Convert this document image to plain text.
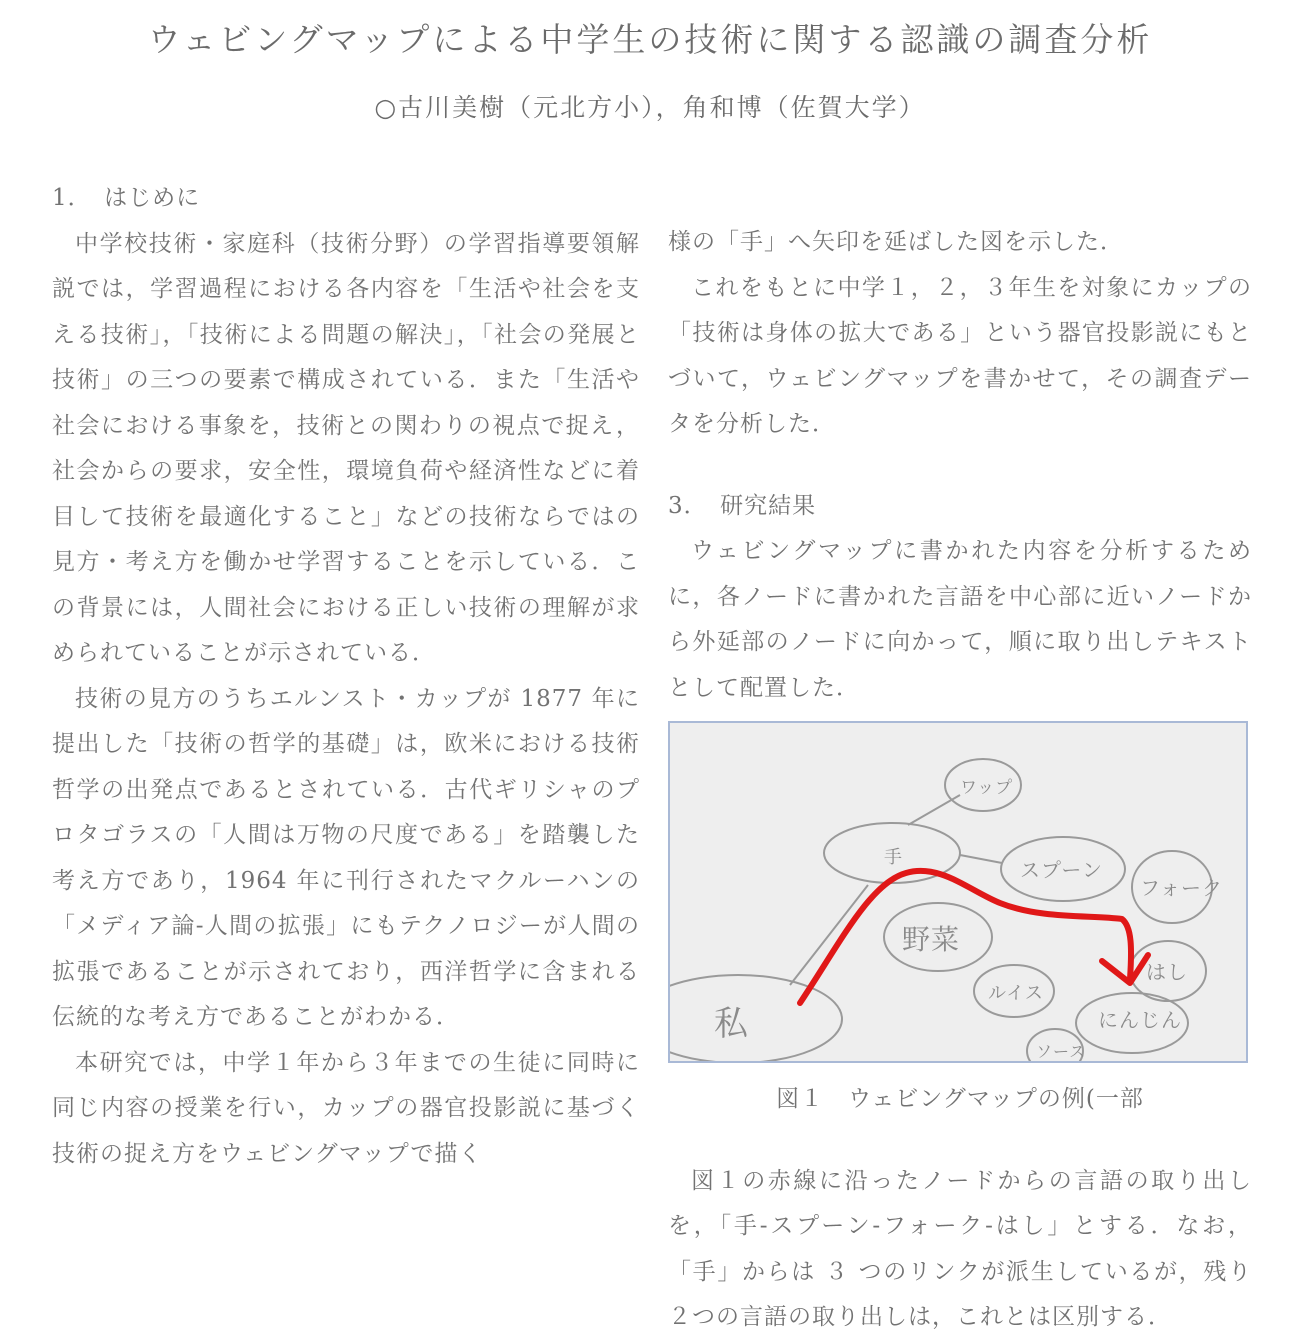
ウェビングマップによる中学生の技術に関する認識の調査分析
○古川美樹（元北方小），角和博（佐賀大学）

1．　はじめに

中学校技術・家庭科（技術分野）の学習指導要領解説では，学習過程における各内容を「生活や社会を支える技術」，「技術による問題の解決」，「社会の発展と技術」の三つの要素で構成されている．また「生活や社会における事象を，技術との関わりの視点で捉え，社会からの要求，安全性，環境負荷や経済性などに着目して技術を最適化すること」などの技術ならではの見方・考え方を働かせ学習することを示している．この背景には，人間社会における正しい技術の理解が求められていることが示されている．

技術の見方のうちエルンスト・カップが 1877 年に提出した「技術の哲学的基礎」は，欧米における技術哲学の出発点であるとされている．古代ギリシャのプロタゴラスの「人間は万物の尺度である」を踏襲した考え方であり，1964 年に刊行されたマクルーハンの「メディア論-人間の拡張」にもテクノロジーが人間の拡張であることが示されており，西洋哲学に含まれる伝統的な考え方であることがわかる．

本研究では，中学１年から３年までの生徒に同時に同じ内容の授業を行い，カップの器官投影説に基づく技術の捉え方をウェビングマップで描く

様の「手」へ矢印を延ばした図を示した．

これをもとに中学１，２，３年生を対象にカップの「技術は身体の拡大である」という器官投影説にもとづいて，ウェビングマップを書かせて，その調査データを分析した．

3．　研究結果

ウェビングマップに書かれた内容を分析するために，各ノードに書かれた言語を中心部に近いノードから外延部のノードに向かって，順に取り出しテキストとして配置した．

私
手
ワップ
スプーン
フォーク
野菜
はし
ルイス
にんじん
ソース

図１　ウェビングマップの例(一部

図１の赤線に沿ったノードからの言語の取り出しを，「手-スプーン-フォーク-はし」とする．なお，「手」からは ３ つのリンクが派生しているが，残り ２つの言語の取り出しは，これとは区別する．
